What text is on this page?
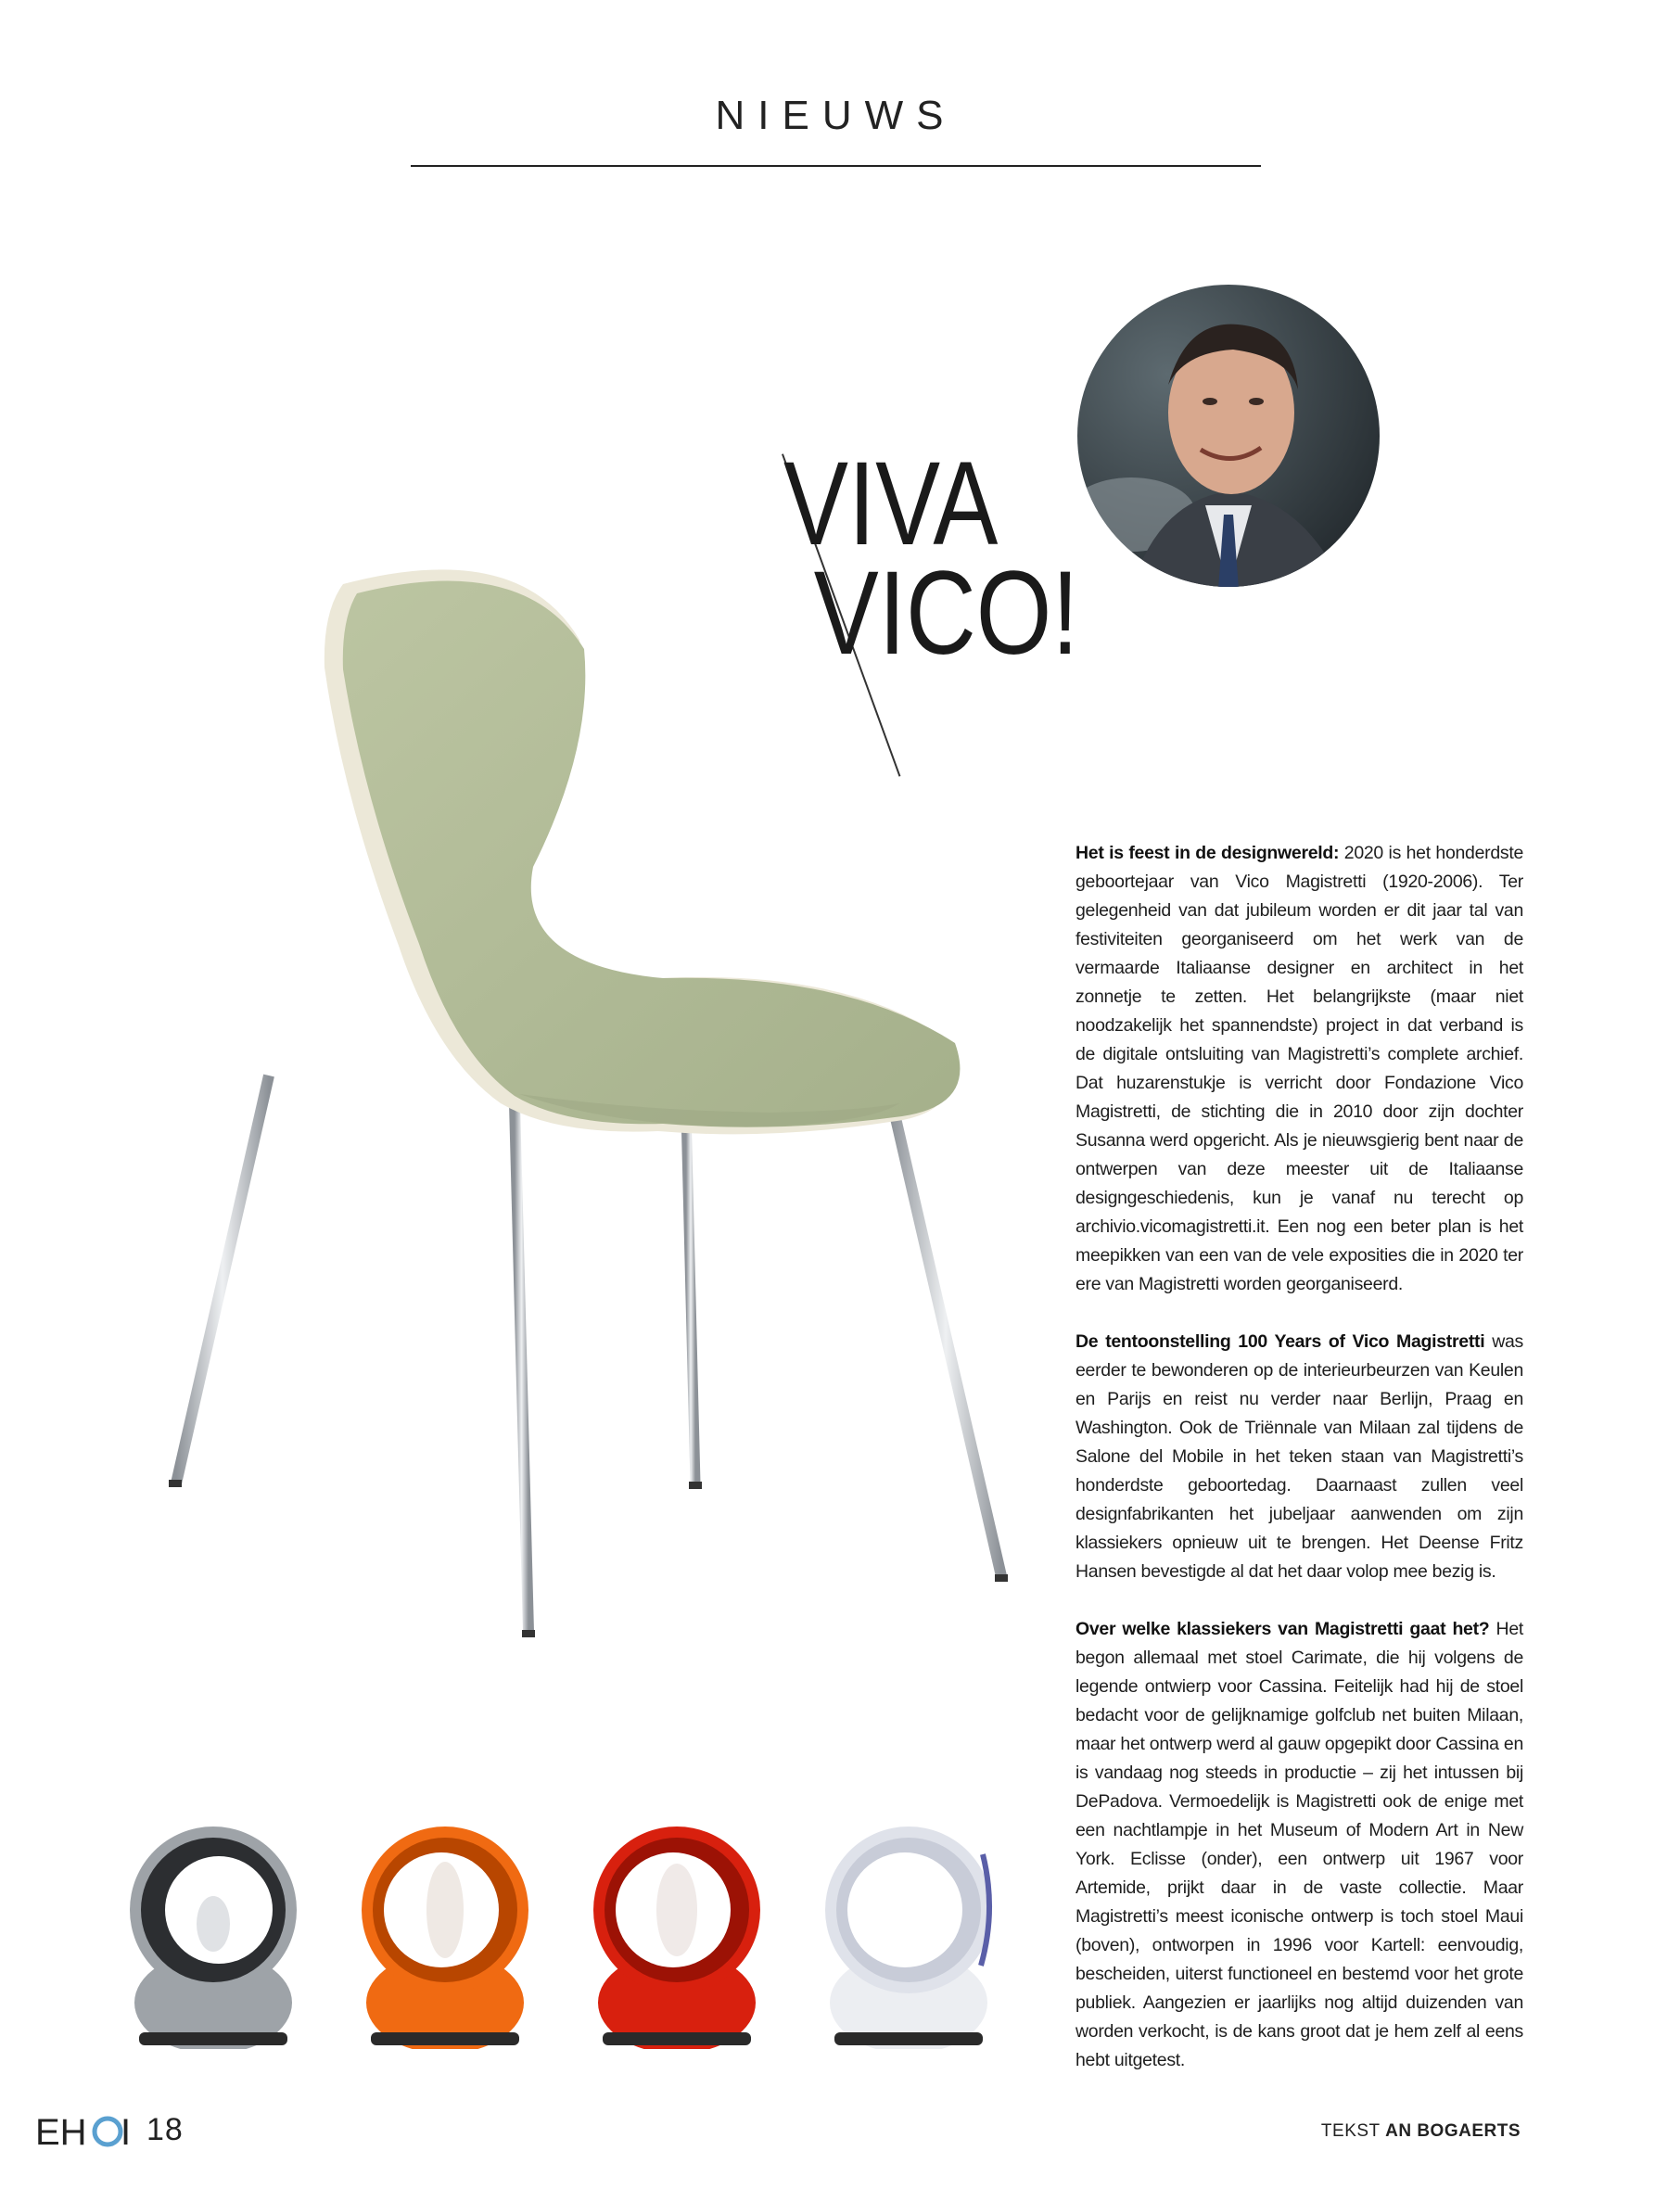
NIEUWS
VIVA
VICO!

Het is feest in de designwereld: 2020 is het honderdste geboortejaar van Vico Magistretti (1920-2006). Ter gelegenheid van dat jubileum worden er dit jaar tal van festiviteiten georganiseerd om het werk van de vermaarde Italiaanse designer en architect in het zonnetje te zetten. Het belangrijkste (maar niet noodzakelijk het spannendste) project in dat verband is de digitale ontsluiting van Magistretti’s complete archief. Dat huzarenstukje is verricht door Fondazione Vico Magistretti, de stichting die in 2010 door zijn dochter Susanna werd opgericht. Als je nieuwsgierig bent naar de ontwerpen van deze meester uit de Italiaanse designgeschiedenis, kun je vanaf nu terecht op archivio.vicomagistretti.it. Een nog een beter plan is het meepikken van een van de vele exposities die in 2020 ter ere van Magistretti worden georganiseerd.

De tentoonstelling 100 Years of Vico Magistretti was eerder te bewonderen op de interieurbeurzen van Keulen en Parijs en reist nu verder naar Berlijn, Praag en Washington. Ook de Triënnale van Milaan zal tijdens de Salone del Mobile in het teken staan van Magistretti’s honderdste geboortedag. Daarnaast zullen veel designfabrikanten het jubeljaar aanwenden om zijn klassiekers opnieuw uit te brengen. Het Deense Fritz Hansen bevestigde al dat het daar volop mee bezig is.

Over welke klassiekers van Magistretti gaat het? Het begon allemaal met stoel Carimate, die hij volgens de legende ontwierp voor Cassina. Feitelijk had hij de stoel bedacht voor de gelijknamige golfclub net buiten Milaan, maar het ontwerp werd al gauw opgepikt door Cassina en is vandaag nog steeds in productie – zij het intussen bij DePadova. Vermoedelijk is Magistretti ook de enige met een nachtlampje in het Museum of Modern Art in New York. Eclisse (onder), een ontwerp uit 1967 voor Artemide, prijkt daar in de vaste collectie. Maar Magistretti’s meest iconische ontwerp is toch stoel Maui (boven), ontworpen in 1996 voor Kartell: eenvoudig, bescheiden, uiterst functioneel en bestemd voor het grote publiek. Aangezien er jaarlijks nog altijd duizenden van worden verkocht, is de kans groot dat je hem zelf al eens hebt uitgetest.

EH I 18	TEKST AN BOGAERTS
